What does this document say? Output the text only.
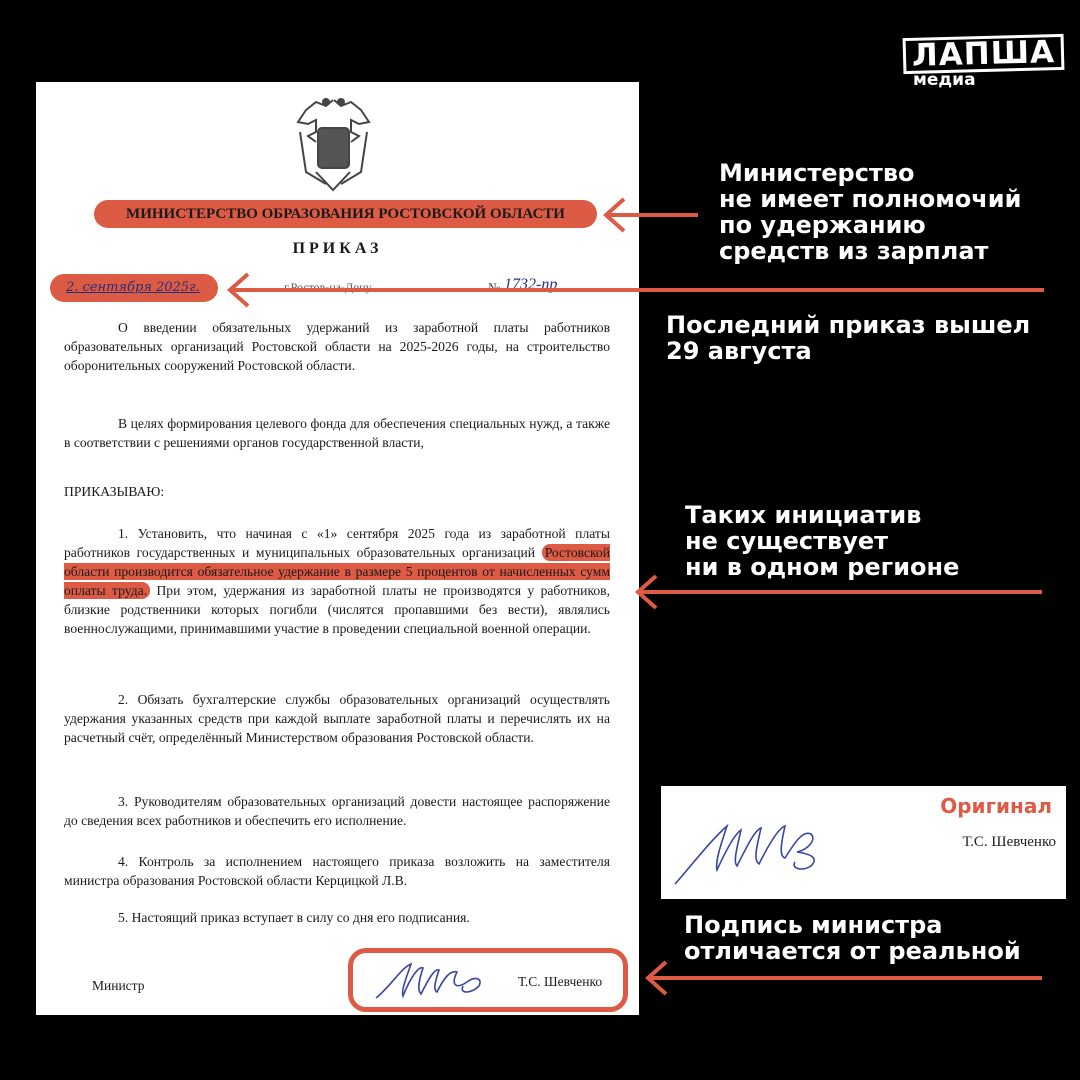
ЛАПША
медиа
МИНИСТЕРСТВО ОБРАЗОВАНИЯ РОСТОВСКОЙ ОБЛАСТИ
ПРИКАЗ
2. сентября 2025г.	г.Ростов-на-Дону	№ 1732-пр
О введении обязательных удержаний из заработной платы работников образовательных организаций Ростовской области на 2025-2026 годы, на строительство оборонительных сооружений Ростовской области.
В целях формирования целевого фонда для обеспечения специальных нужд, а также в соответствии с решениями органов государственной власти,
ПРИКАЗЫВАЮ:
1. Установить, что начиная с «1» сентября 2025 года из заработной платы работников государственных и муниципальных образовательных организаций Ростовской области производится обязательное удержание в размере 5 процентов от начисленных сумм оплаты труда. При этом, удержания из заработной платы не производятся у работников, близкие родственники которых погибли (числятся пропавшими без вести), являлись военнослужащими, принимавшими участие в проведении специальной военной операции.
2. Обязать бухгалтерские службы образовательных организаций осуществлять удержания указанных средств при каждой выплате заработной платы и перечислять их на расчетный счёт, определённый Министерством образования Ростовской области.
3. Руководителям образовательных организаций довести настоящее распоряжение до сведения всех работников и обеспечить его исполнение.
4. Контроль за исполнением настоящего приказа возложить на заместителя министра образования Ростовской области Керцицкой Л.В.
5. Настоящий приказ вступает в силу со дня его подписания.
Министр	Т.С. Шевченко
Министерство
не имеет полномочий
по удержанию
средств из зарплат
Последний приказ вышел
29 августа
Таких инициатив
не существует
ни в одном регионе
Оригинал
Т.С. Шевченко
Подпись министра
отличается от реальной
